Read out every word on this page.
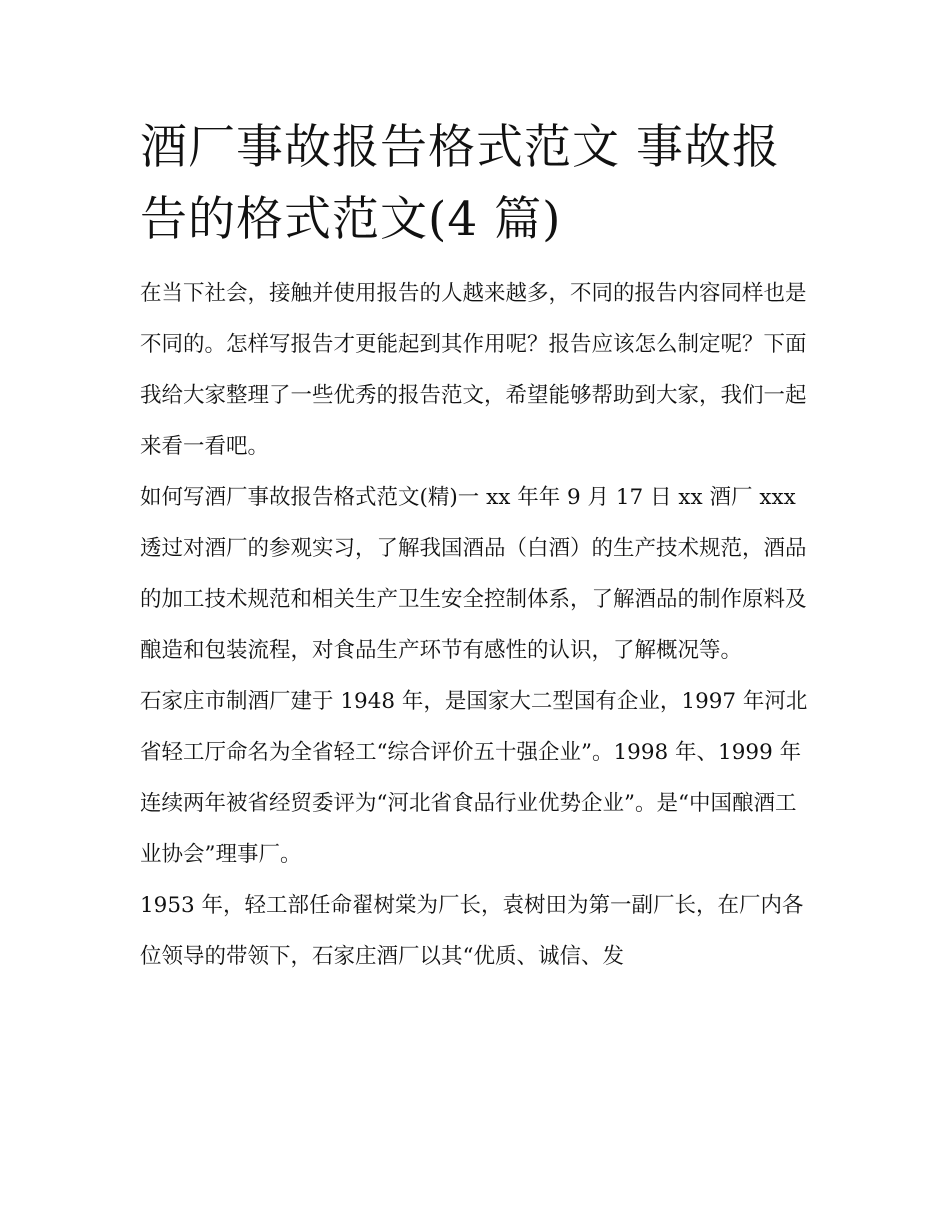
酒厂事故报告格式范文 事故报告的格式范文(4 篇)

在当下社会，接触并使用报告的人越来越多，不同的报告内容同样也是不同的。怎样写报告才更能起到其作用呢？报告应该怎么制定呢？下面我给大家整理了一些优秀的报告范文，希望能够帮助到大家，我们一起来看一看吧。

如何写酒厂事故报告格式范文(精)一 xx 年年 9 月 17 日 xx 酒厂 xxx

透过对酒厂的参观实习，了解我国酒品（白酒）的生产技术规范，酒品的加工技术规范和相关生产卫生安全控制体系，了解酒品的制作原料及酿造和包装流程，对食品生产环节有感性的认识，了解概况等。

石家庄市制酒厂建于 1948 年，是国家大二型国有企业，1997 年河北省轻工厅命名为全省轻工“综合评价五十强企业”。1998 年、1999 年连续两年被省经贸委评为“河北省食品行业优势企业”。是“中国酿酒工业协会”理事厂。

1953 年，轻工部任命翟树棠为厂长，袁树田为第一副厂长，在厂内各位领导的带领下，石家庄酒厂以其“优质、诚信、发
